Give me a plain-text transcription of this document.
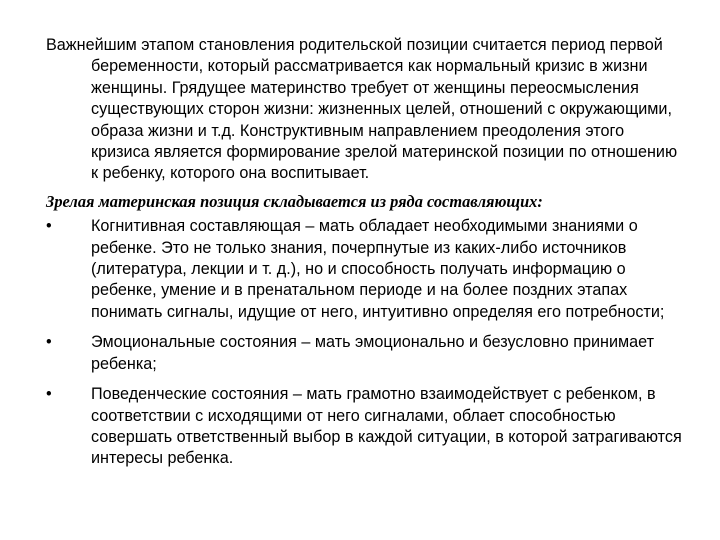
Важнейшим этапом становления родительской позиции считается период первой беременности, который рассматривается как нормальный кризис в жизни женщины. Грядущее материнство требует от женщины переосмысления существующих сторон жизни: жизненных целей, отношений с окружающими, образа жизни и т.д. Конструктивным направлением преодоления этого кризиса является формирование зрелой материнской позиции по отношению к ребенку, которого она воспитывает.

Зрелая материнская позиция складывается из ряда составляющих:

• Когнитивная составляющая – мать обладает необходимыми знаниями о ребенке. Это не только знания, почерпнутые из каких-либо источников (литература, лекции и т. д.), но и способность получать информацию о ребенке, умение и в пренатальном периоде и на более поздних этапах понимать сигналы, идущие от него, интуитивно определяя его потребности;
• Эмоциональные состояния – мать эмоционально и безусловно принимает ребенка;
• Поведенческие состояния – мать грамотно взаимодействует с ребенком, в соответствии с исходящими от него сигналами, облает способностью совершать ответственный выбор в каждой ситуации, в которой затрагиваются интересы ребенка.
